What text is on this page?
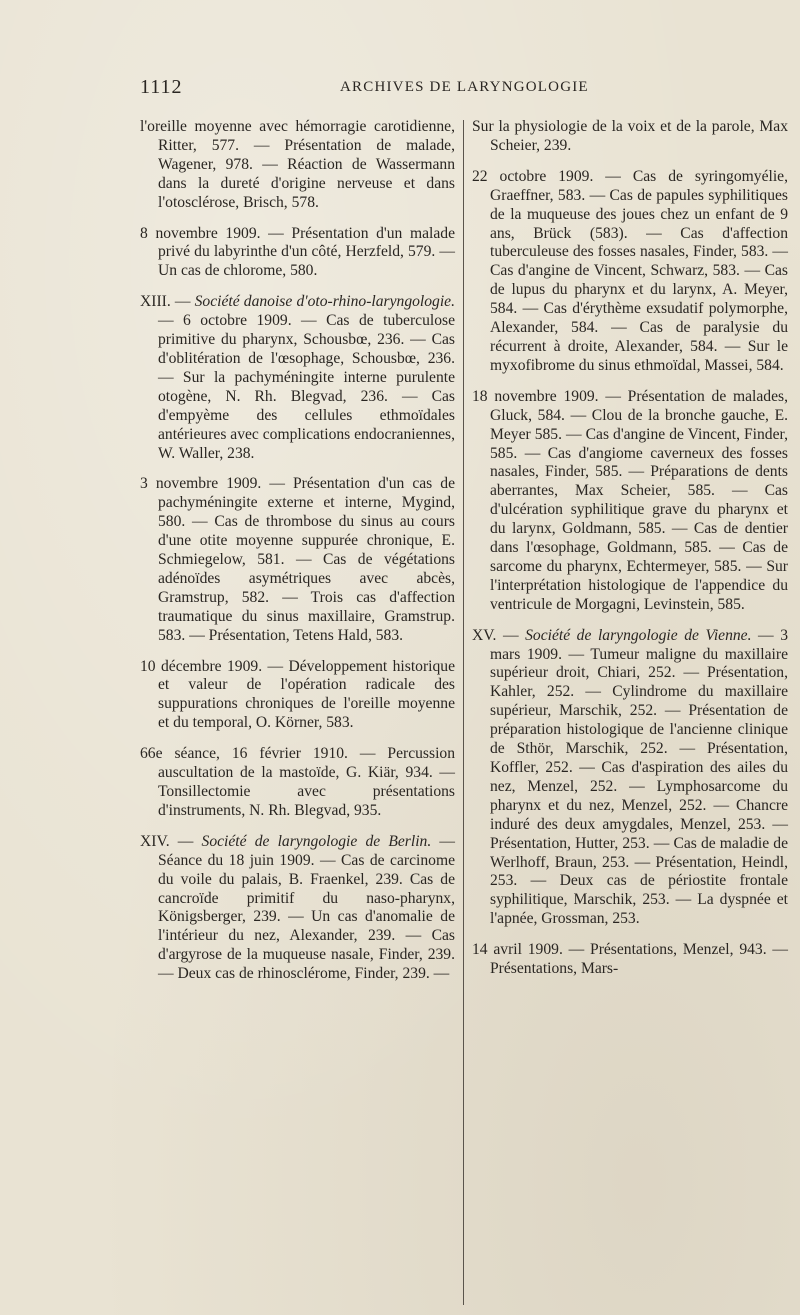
1112	ARCHIVES DE LARYNGOLOGIE

l'oreille moyenne avec hémorragie carotidienne, Ritter, 577. — Présentation de malade, Wagener, 978. — Réaction de Wassermann dans la dureté d'origine nerveuse et dans l'otosclérose, Brisch, 578.

8 novembre 1909. — Présentation d'un malade privé du labyrinthe d'un côté, Herzfeld, 579. — Un cas de chlorome, 580.

XIII. — Société danoise d'oto-rhino-laryngologie. — 6 octobre 1909. — Cas de tuberculose primitive du pharynx, Schousbœ, 236. — Cas d'oblitération de l'œsophage, Schousbœ, 236. — Sur la pachyméningite interne purulente otogène, N. Rh. Blegvad, 236. — Cas d'empyème des cellules ethmoïdales antérieures avec complications endocraniennes, W. Waller, 238.

3 novembre 1909. — Présentation d'un cas de pachyméningite externe et interne, Mygind, 580. — Cas de thrombose du sinus au cours d'une otite moyenne suppurée chronique, E. Schmiegelow, 581. — Cas de végétations adénoïdes asymétriques avec abcès, Gramstrup, 582. — Trois cas d'affection traumatique du sinus maxillaire, Gramstrup. 583. — Présentation, Tetens Hald, 583.

10 décembre 1909. — Développement historique et valeur de l'opération radicale des suppurations chroniques de l'oreille moyenne et du temporal, O. Körner, 583.

66e séance, 16 février 1910. — Percussion auscultation de la mastoïde, G. Kiär, 934. — Tonsillectomie avec présentations d'instruments, N. Rh. Blegvad, 935.

XIV. — Société de laryngologie de Berlin. — Séance du 18 juin 1909. — Cas de carcinome du voile du palais, B. Fraenkel, 239. Cas de cancroïde primitif du naso-pharynx, Königsberger, 239. — Un cas d'anomalie de l'intérieur du nez, Alexander, 239. — Cas d'argyrose de la muqueuse nasale, Finder, 239. — Deux cas de rhinosclérome, Finder, 239. —

Sur la physiologie de la voix et de la parole, Max Scheier, 239.

22 octobre 1909. — Cas de syringomyélie, Graeffner, 583. — Cas de papules syphilitiques de la muqueuse des joues chez un enfant de 9 ans, Brück (583). — Cas d'affection tuberculeuse des fosses nasales, Finder, 583. — Cas d'angine de Vincent, Schwarz, 583. — Cas de lupus du pharynx et du larynx, A. Meyer, 584. — Cas d'érythème exsudatif polymorphe, Alexander, 584. — Cas de paralysie du récurrent à droite, Alexander, 584. — Sur le myxofibrome du sinus ethmoïdal, Massei, 584.

18 novembre 1909. — Présentation de malades, Gluck, 584. — Clou de la bronche gauche, E. Meyer 585. — Cas d'angine de Vincent, Finder, 585. — Cas d'angiome caverneux des fosses nasales, Finder, 585. — Préparations de dents aberrantes, Max Scheier, 585. — Cas d'ulcération syphilitique grave du pharynx et du larynx, Goldmann, 585. — Cas de dentier dans l'œsophage, Goldmann, 585. — Cas de sarcome du pharynx, Echtermeyer, 585. — Sur l'interprétation histologique de l'appendice du ventricule de Morgagni, Levinstein, 585.

XV. — Société de laryngologie de Vienne. — 3 mars 1909. — Tumeur maligne du maxillaire supérieur droit, Chiari, 252. — Présentation, Kahler, 252. — Cylindrome du maxillaire supérieur, Marschik, 252. — Présentation de préparation histologique de l'ancienne clinique de Sthör, Marschik, 252. — Présentation, Koffler, 252. — Cas d'aspiration des ailes du nez, Menzel, 252. — Lymphosarcome du pharynx et du nez, Menzel, 252. — Chancre induré des deux amygdales, Menzel, 253. — Présentation, Hutter, 253. — Cas de maladie de Werlhoff, Braun, 253. — Présentation, Heindl, 253. — Deux cas de périostite frontale syphilitique, Marschik, 253. — La dyspnée et l'apnée, Grossman, 253.

14 avril 1909. — Présentations, Menzel, 943. — Présentations, Mars-
